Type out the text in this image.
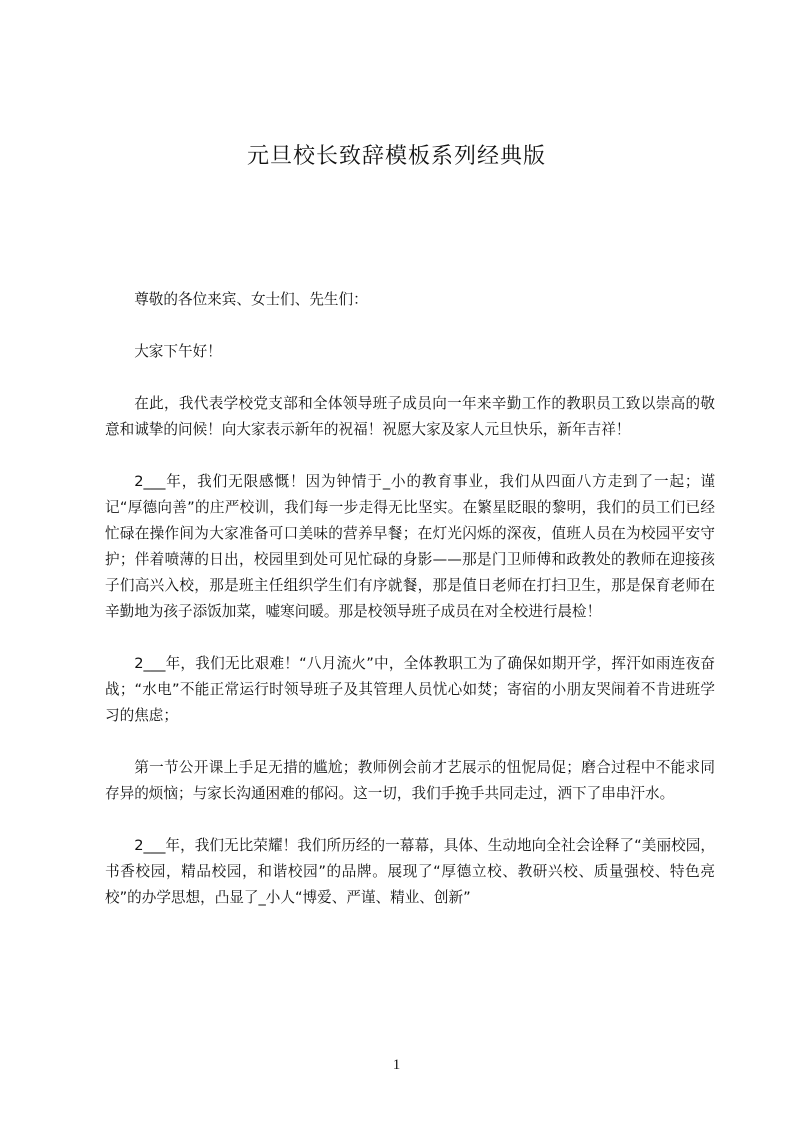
元旦校长致辞模板系列经典版

尊敬的各位来宾、女士们、先生们：

大家下午好！

在此，我代表学校党支部和全体领导班子成员向一年来辛勤工作的教职员工致以崇高的敬意和诚挚的问候！向大家表示新年的祝福！祝愿大家及家人元旦快乐，新年吉祥！

2___年，我们无限感慨！因为钟情于_小的教育事业，我们从四面八方走到了一起；谨记“厚德向善”的庄严校训，我们每一步走得无比坚实。在繁星眨眼的黎明，我们的员工们已经忙碌在操作间为大家准备可口美味的营养早餐；在灯光闪烁的深夜，值班人员在为校园平安守护；伴着喷薄的日出，校园里到处可见忙碌的身影——那是门卫师傅和政教处的教师在迎接孩子们高兴入校，那是班主任组织学生们有序就餐，那是值日老师在打扫卫生，那是保育老师在辛勤地为孩子添饭加菜，嘘寒问暖。那是校领导班子成员在对全校进行晨检！

2___年，我们无比艰难！“八月流火”中，全体教职工为了确保如期开学，挥汗如雨连夜奋战；“水电”不能正常运行时领导班子及其管理人员忧心如焚；寄宿的小朋友哭闹着不肯进班学习的焦虑；

第一节公开课上手足无措的尴尬；教师例会前才艺展示的忸怩局促；磨合过程中不能求同存异的烦恼；与家长沟通困难的郁闷。这一切，我们手挽手共同走过，洒下了串串汗水。

2___年，我们无比荣耀！我们所历经的一幕幕，具体、生动地向全社会诠释了“美丽校园，书香校园，精品校园，和谐校园”的品牌。展现了“厚德立校、教研兴校、质量强校、特色亮校”的办学思想，凸显了_小人“博爱、严谨、精业、创新”

1
